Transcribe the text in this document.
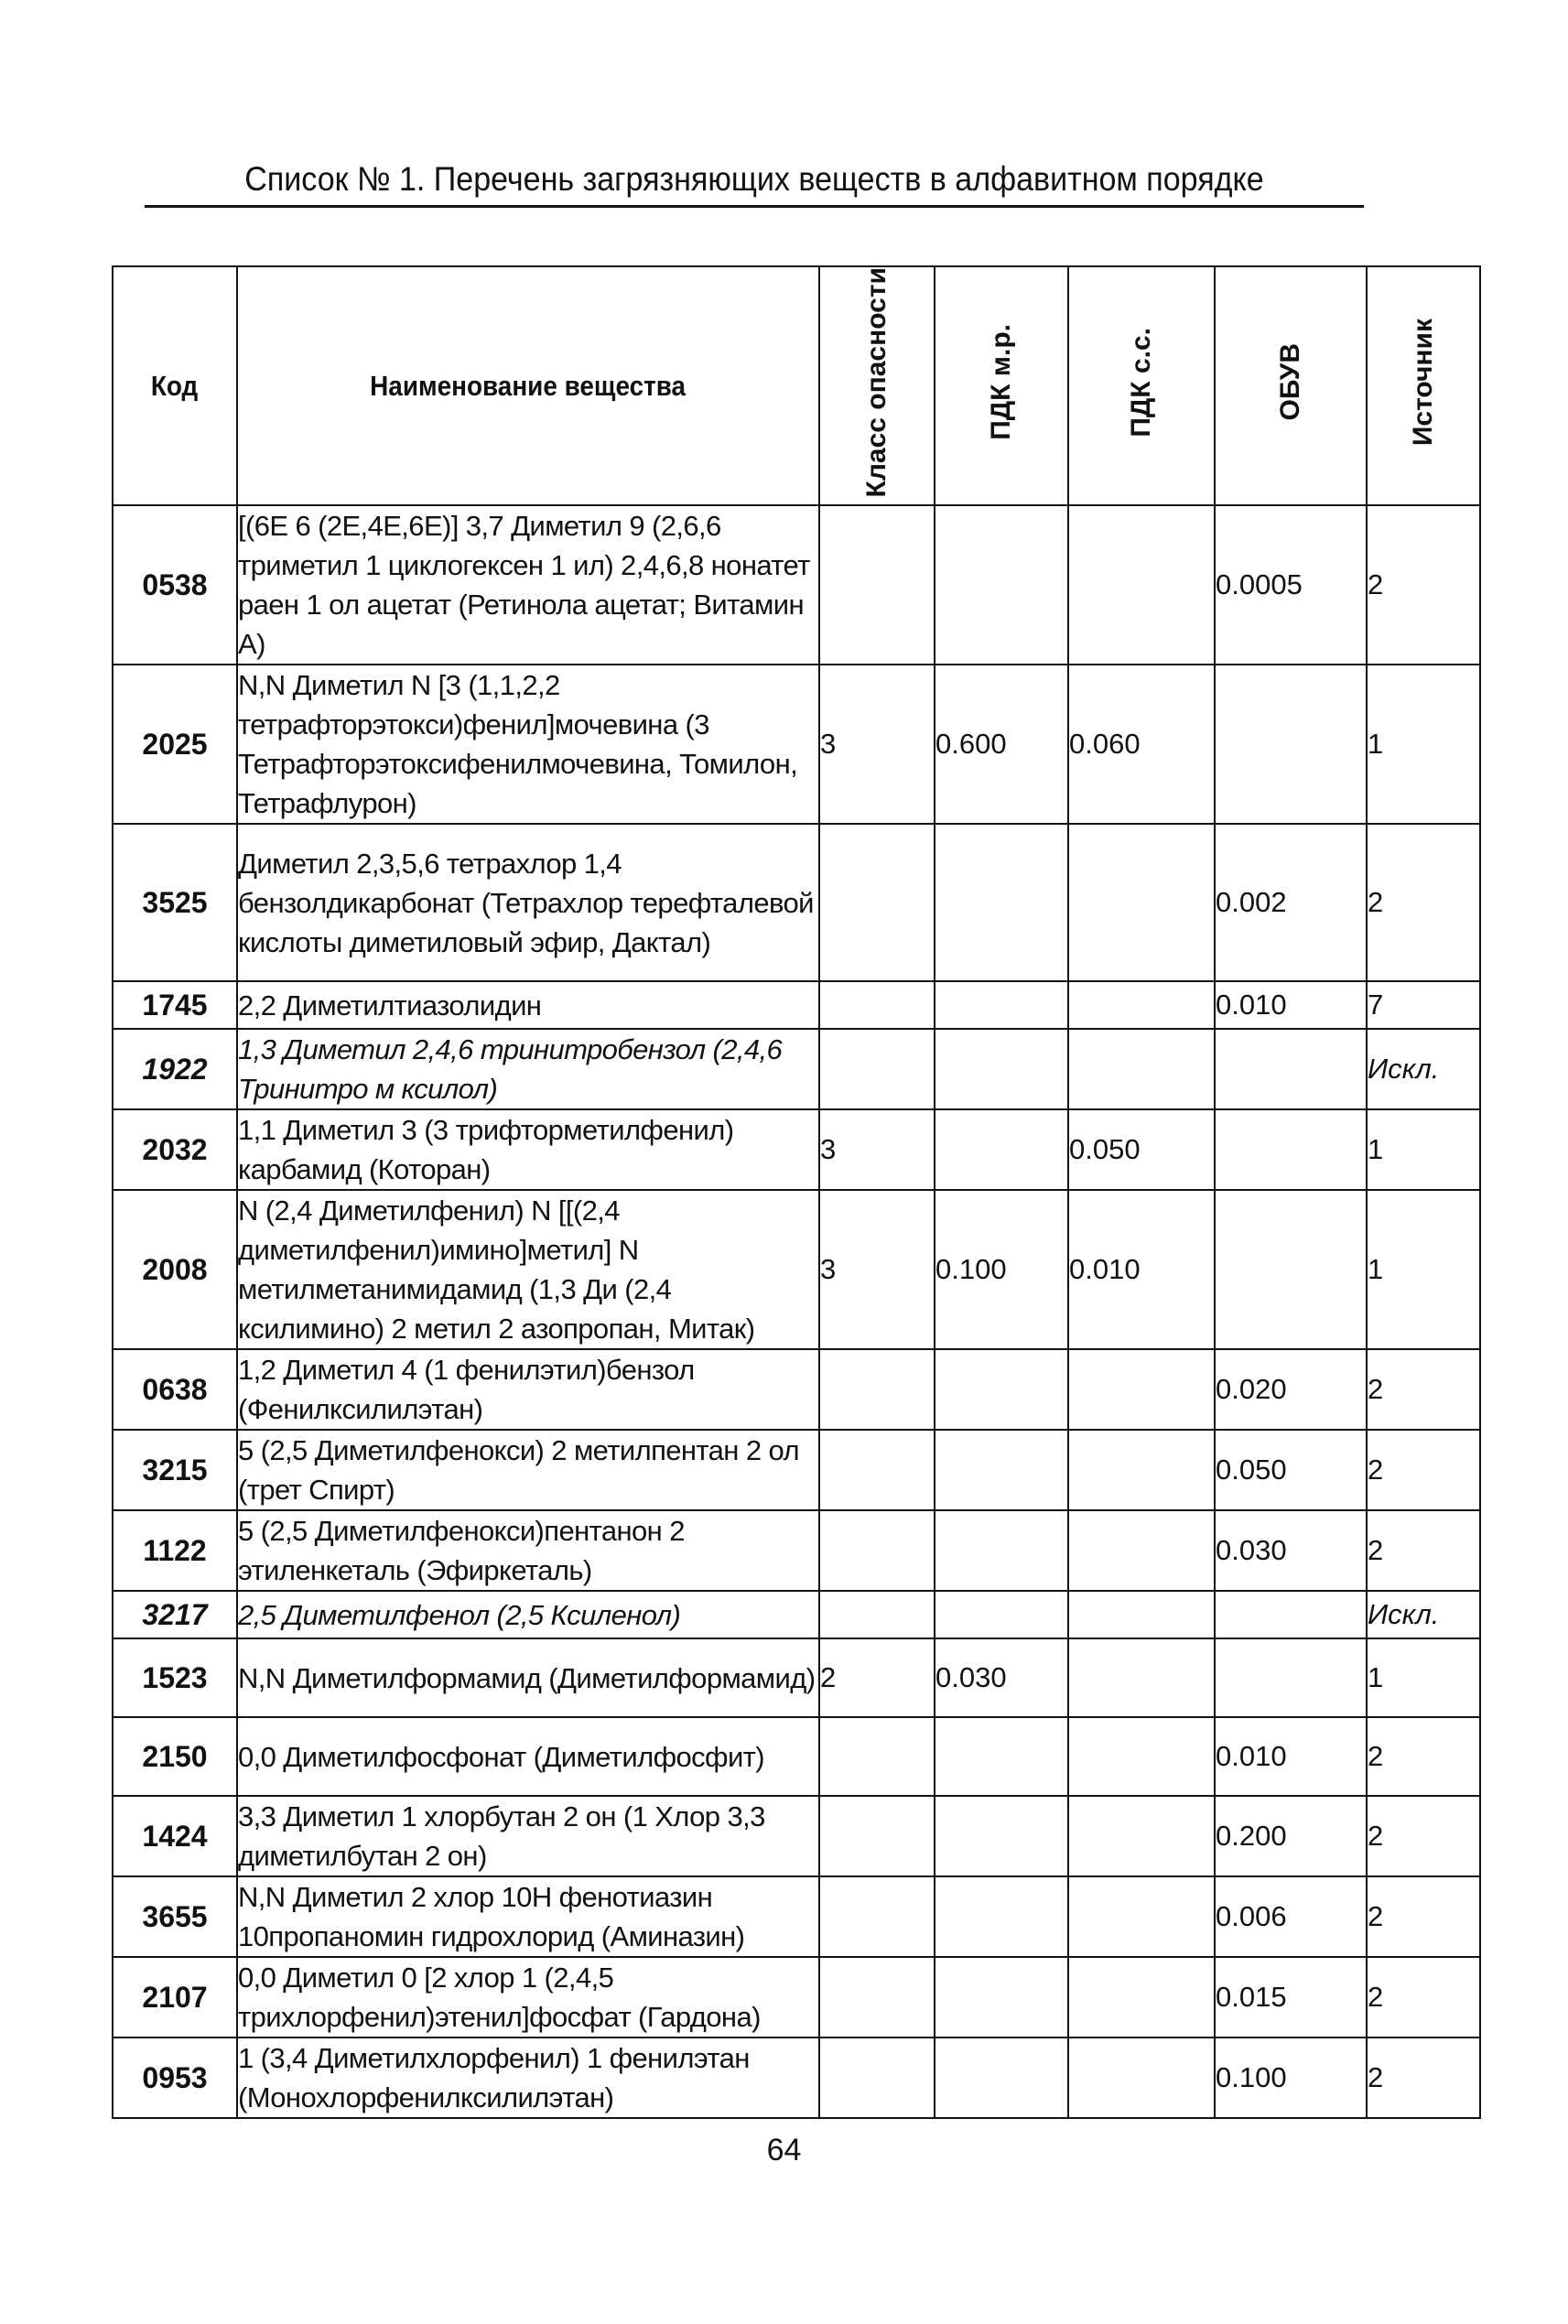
Список № 1. Перечень загрязняющих веществ в алфавитном порядке
Код	Наименование вещества	Класс опасности	ПДК м.р.	ПДК с.с.	ОБУВ	Источник
0538	[(6E 6 (2E,4E,6E)] 3,7 Диметил 9 (2,6,6 триметил 1 циклогексен 1 ил) 2,4,6,8 нонатет раен 1 ол ацетат (Ретинола ацетат; Витамин А)				0.0005	2
2025	N,N Диметил N [3 (1,1,2,2 тетрафторэтокси)фенил]мочевина (3 Тетрафторэтоксифенилмочевина, Томилон, Тетрафлурон)	3	0.600	0.060		1
3525	Диметил 2,3,5,6 тетрахлор 1,4 бензолдикарбонат (Тетрахлор терефталевой кислоты диметиловый эфир, Дактал)				0.002	2
1745	2,2 Диметилтиазолидин				0.010	7
1922	1,3 Диметил 2,4,6 тринитробензол (2,4,6 Тринитро м ксилол)					Искл.
2032	1,1 Диметил 3 (3 трифторметилфенил) карбамид (Которан)	3		0.050		1
2008	N (2,4 Диметилфенил) N [[(2,4 диметилфенил)имино]метил] N метилметанимидамид (1,3 Ди (2,4 ксилимино) 2 метил 2 азопропан, Митак)	3	0.100	0.010		1
0638	1,2 Диметил 4 (1 фенилэтил)бензол (Фенилксилилэтан)				0.020	2
3215	5 (2,5 Диметилфенокси) 2 метилпентан 2 ол (трет Спирт)				0.050	2
1122	5 (2,5 Диметилфенокси)пентанон 2 этиленкеталь (Эфиркеталь)				0.030	2
3217	2,5 Диметилфенол (2,5 Ксиленол)					Искл.
1523	N,N Диметилформамид (Диметилформамид)	2	0.030			1
2150	0,0 Диметилфосфонат (Диметилфосфит)				0.010	2
1424	3,3 Диметил 1 хлорбутан 2 он (1 Хлор 3,3 диметилбутан 2 он)				0.200	2
3655	N,N Диметил 2 хлор 10Н фенотиазин 10пропаномин гидрохлорид (Аминазин)				0.006	2
2107	0,0 Диметил 0 [2 хлор 1 (2,4,5 трихлорфенил)этенил]фосфат (Гардона)				0.015	2
0953	1 (3,4 Диметилхлорфенил) 1 фенилэтан (Монохлорфенилксилилэтан)				0.100	2
64
